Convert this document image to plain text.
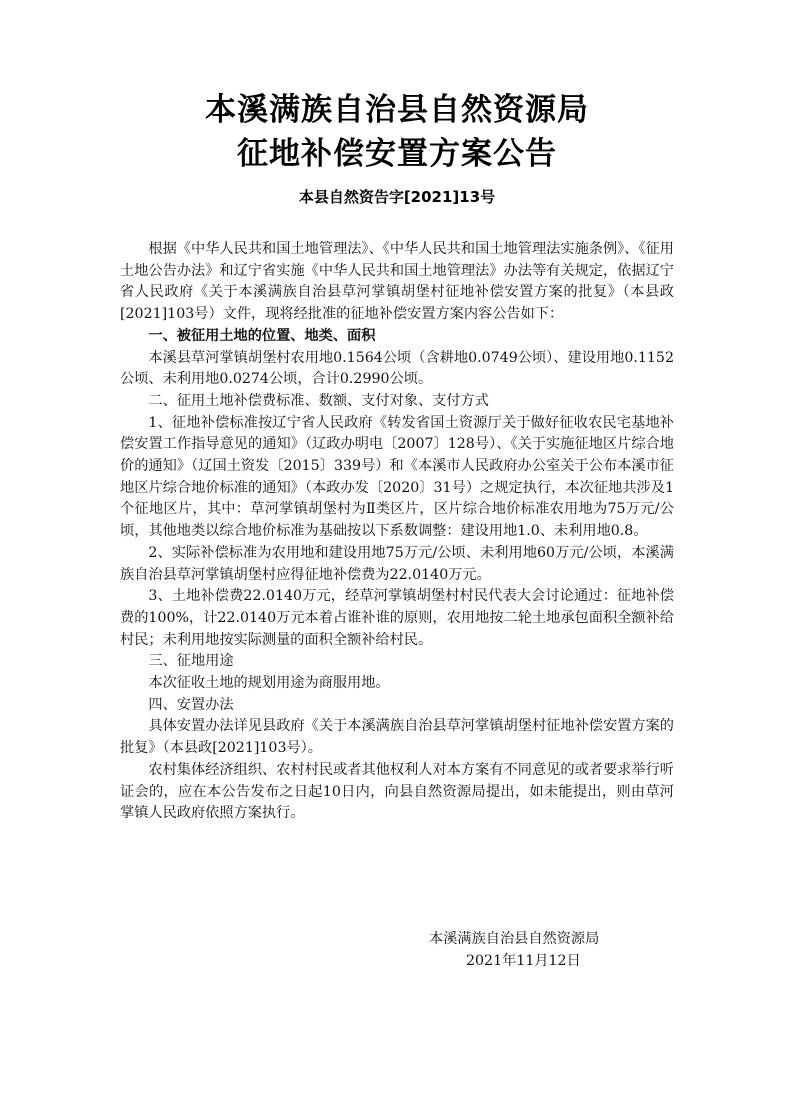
本溪满族自治县自然资源局
征地补偿安置方案公告
本县自然资告字[2021]13号

根据《中华人民共和国土地管理法》、《中华人民共和国土地管理法实施条例》、《征用土地公告办法》和辽宁省实施《中华人民共和国土地管理法》办法等有关规定，依据辽宁省人民政府《关于本溪满族自治县草河掌镇胡堡村征地补偿安置方案的批复》（本县政[2021]103号）文件，现将经批准的征地补偿安置方案内容公告如下：

一、被征用土地的位置、地类、面积

本溪县草河掌镇胡堡村农用地0.1564公顷（含耕地0.0749公顷）、建设用地0.1152公顷、未利用地0.0274公顷，合计0.2990公顷。

二、征用土地补偿费标准、数额、支付对象、支付方式

1、征地补偿标准按辽宁省人民政府《转发省国土资源厅关于做好征收农民宅基地补偿安置工作指导意见的通知》（辽政办明电〔2007〕128号）、《关于实施征地区片综合地价的通知》（辽国土资发〔2015〕339号）和《本溪市人民政府办公室关于公布本溪市征地区片综合地价标准的通知》（本政办发〔2020〕31号）之规定执行，本次征地共涉及1个征地区片，其中：草河掌镇胡堡村为Ⅱ类区片，区片综合地价标准农用地为75万元/公顷，其他地类以综合地价标准为基础按以下系数调整：建设用地1.0、未利用地0.8。

2、实际补偿标准为农用地和建设用地75万元/公顷、未利用地60万元/公顷，本溪满族自治县草河掌镇胡堡村应得征地补偿费为22.0140万元。

3、土地补偿费22.0140万元，经草河掌镇胡堡村村民代表大会讨论通过：征地补偿费的100%，计22.0140万元本着占谁补谁的原则，农用地按二轮土地承包面积全额补给村民；未利用地按实际测量的面积全额补给村民。

三、征地用途

本次征收土地的规划用途为商服用地。

四、安置办法

具体安置办法详见县政府《关于本溪满族自治县草河掌镇胡堡村征地补偿安置方案的批复》（本县政[2021]103号）。

农村集体经济组织、农村村民或者其他权利人对本方案有不同意见的或者要求举行听证会的，应在本公告发布之日起10日内，向县自然资源局提出，如未能提出，则由草河掌镇人民政府依照方案执行。

本溪满族自治县自然资源局
2021年11月12日
